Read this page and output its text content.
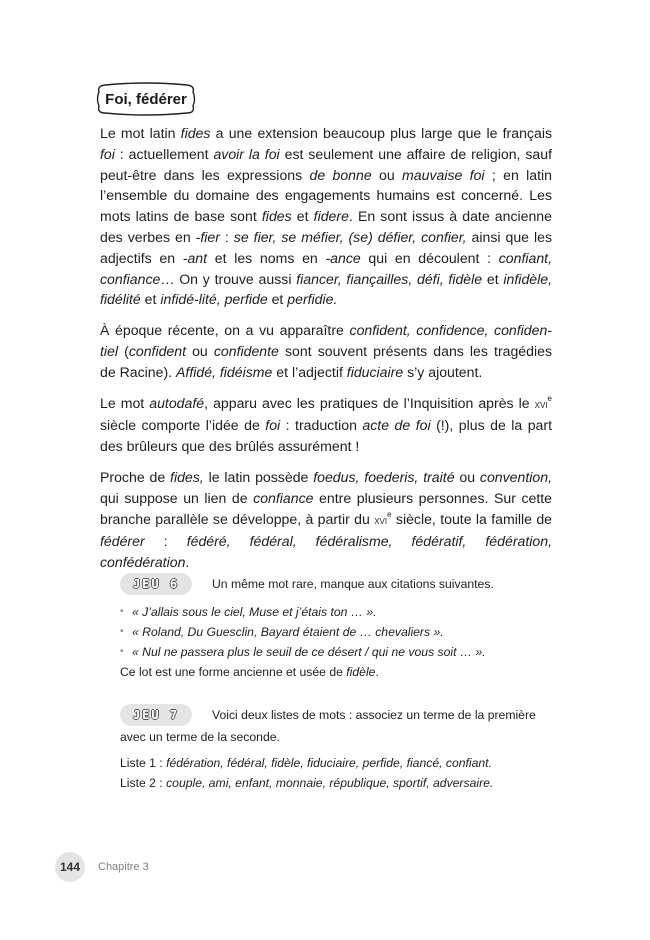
Foi, fédérer

Le mot latin fides a une extension beaucoup plus large que le français foi : actuellement avoir la foi est seulement une affaire de religion, sauf peut-être dans les expressions de bonne ou mauvaise foi ; en latin l’ensemble du domaine des engagements humains est concerné. Les mots latins de base sont fides et fidere. En sont issus à date ancienne des verbes en -fier : se fier, se méfier, (se) défier, confier, ainsi que les adjectifs en -ant et les noms en -ance qui en découlent : confiant, confiance… On y trouve aussi fiancer, fiançailles, défi, fidèle et infidèle, fidélité et infidé-lité, perfide et perfidie.

À époque récente, on a vu apparaître confident, confidence, confiden-tiel (confident ou confidente sont souvent présents dans les tragédies de Racine). Affidé, fidéisme et l’adjectif fiduciaire s’y ajoutent.

Le mot autodafé, apparu avec les pratiques de l’Inquisition après le xvi$^e$ siècle comporte l’idée de foi : traduction acte de foi (!), plus de la part des brûleurs que des brûlés assurément !

Proche de fides, le latin possède foedus, foederis, traité ou convention, qui suppose un lien de confiance entre plusieurs personnes. Sur cette branche parallèle se développe, à partir du xvi$^e$ siècle, toute la famille de fédérer : fédéré, fédéral, fédéralisme, fédératif, fédération, confédération.

JEU 6	Un même mot rare, manque aux citations suivantes.
• « J’allais sous le ciel, Muse et j’étais ton … ».
• « Roland, Du Guesclin, Bayard étaient de … chevaliers ».
• « Nul ne passera plus le seuil de ce désert / qui ne vous soit … ».
Ce lot est une forme ancienne et usée de fidèle.
JEU 7	Voici deux listes de mots : associez un terme de la première
avec un terme de la seconde.
Liste 1 : fédération, fédéral, fidèle, fiduciaire, perfide, fiancé, confiant.
Liste 2 : couple, ami, enfant, monnaie, république, sportif, adversaire.
144	Chapitre 3
